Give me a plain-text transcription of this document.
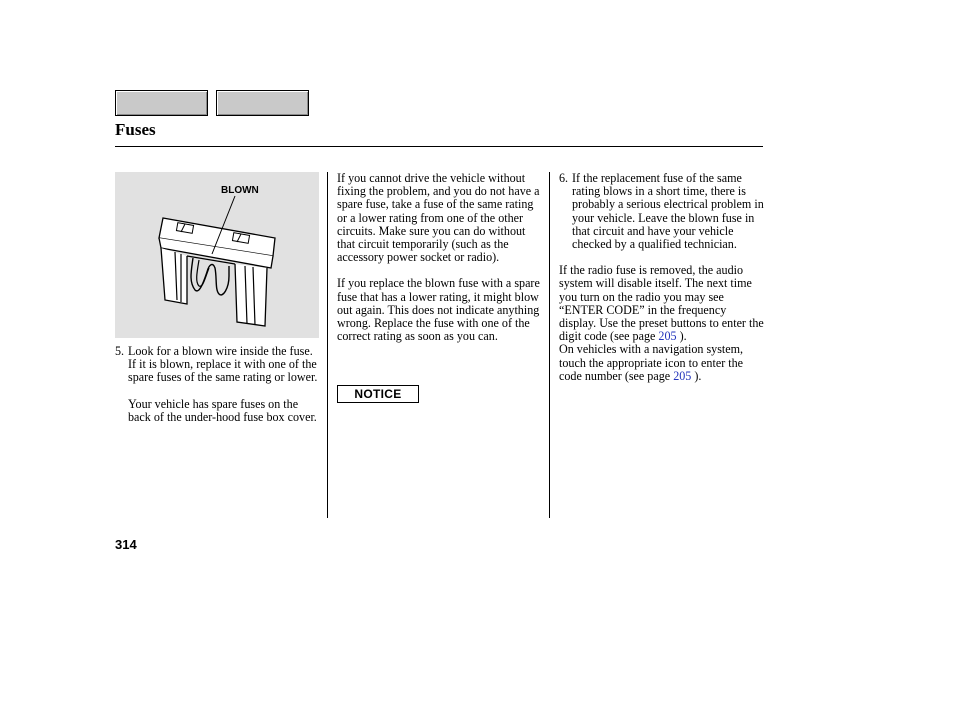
Fuses
BLOWN
5. Look for a blown wire inside the fuse. If it is blown, replace it with one of the spare fuses of the same rating or lower.

Your vehicle has spare fuses on the back of the under-hood fuse box cover.

If you cannot drive the vehicle without fixing the problem, and you do not have a spare fuse, take a fuse of the same rating or a lower rating from one of the other circuits. Make sure you can do without that circuit temporarily (such as the accessory power socket or radio).

If you replace the blown fuse with a spare fuse that has a lower rating, it might blow out again. This does not indicate anything wrong. Replace the fuse with one of the correct rating as soon as you can.

NOTICE
6. If the replacement fuse of the same rating blows in a short time, there is probably a serious electrical problem in your vehicle. Leave the blown fuse in that circuit and have your vehicle checked by a qualified technician.

If the radio fuse is removed, the audio system will disable itself. The next time you turn on the radio you may see “ENTER CODE” in the frequency display. Use the preset buttons to enter the digit code (see page 205 ).

On vehicles with a navigation system, touch the appropriate icon to enter the code number (see page 205 ).

314
